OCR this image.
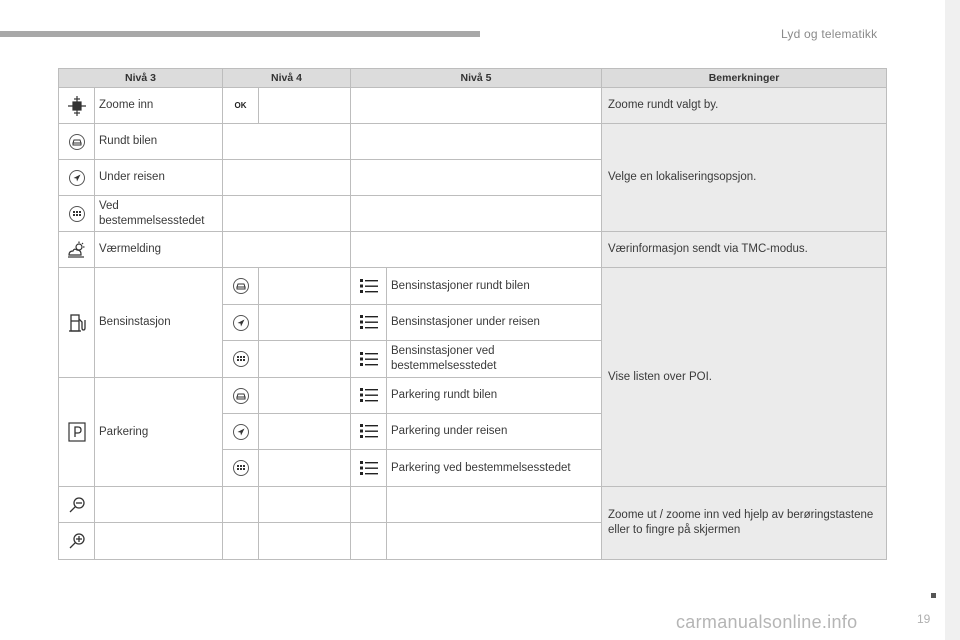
Lyd og telematikk
Nivå 3		Nivå 4		Nivå 5		Bemerkninger
	Zoome inn	OK				Zoome rundt valgt by.
	Rundt bilen					Velge en lokaliseringsopsjon.
	Under reisen					
	Ved bestemmelsesstedet					
	Værmelding					Værinformasjon sendt via TMC-modus.
	Bensinstasjon				Bensinstasjoner rundt bilen	Vise listen over POI.
			Bensinstasjoner under reisen	
			Bensinstasjoner ved bestemmelsesstedet	
	Parkering				Parkering rundt bilen	
			Parkering under reisen	
			Parkering ved bestemmelsesstedet	
						Zoome ut / zoome inn ved hjelp av berøringstastene eller to fingre på skjermen

carmanualsonline.info	19
